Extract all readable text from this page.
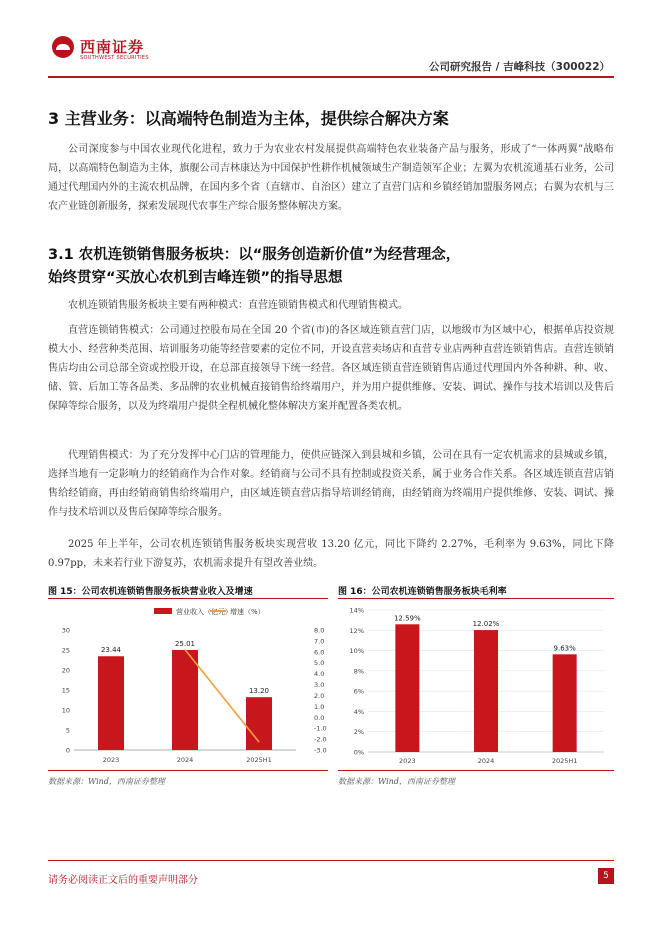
西南证券
SOUTHWEST SECURITIES
公司研究报告 / 吉峰科技（300022）
3 主营业务：以高端特色制造为主体，提供综合解决方案

公司深度参与中国农业现代化进程，致力于为农业农村发展提供高端特色农业装备产品与服务，形成了“一体两翼”战略布局，以高端特色制造为主体，旗舰公司吉林康达为中国保护性耕作机械领域生产制造领军企业；左翼为农机流通基石业务，公司通过代理国内外的主流农机品牌，在国内多个省（直辖市、自治区）建立了直营门店和乡镇经销加盟服务网点；右翼为农机与三农产业链创新服务，探索发展现代农事生产综合服务整体解决方案。

3.1 农机连锁销售服务板块：以“服务创造新价值”为经营理念，
始终贯穿“买放心农机到吉峰连锁”的指导思想

农机连锁销售服务板块主要有两种模式：直营连锁销售模式和代理销售模式。

直营连锁销售模式：公司通过控股布局在全国 20 个省(市)的各区域连锁直营门店，以地级市为区域中心，根据单店投资规模大小、经营种类范围、培训服务功能等经营要素的定位不同，开设直营卖场店和直营专业店两种直营连锁销售店。直营连锁销售店均由公司总部全资或控股开设，在总部直接领导下统一经营。各区域连锁直营连锁销售店通过代理国内外各种耕、种、收、储、管、后加工等各品类、多品牌的农业机械直接销售给终端用户，并为用户提供维修、安装、调试、操作与技术培训以及售后保障等综合服务，以及为终端用户提供全程机械化整体解决方案并配置各类农机。

代理销售模式：为了充分发挥中心门店的管理能力，使供应链深入到县城和乡镇，公司在具有一定农机需求的县城或乡镇，选择当地有一定影响力的经销商作为合作对象。经销商与公司不具有控制或投资关系，属于业务合作关系。各区域连锁直营店销售给经销商，再由经销商销售给终端用户，由区域连锁直营店指导培训经销商，由经销商为终端用户提供维修、安装、调试、操作与技术培训以及售后保障等综合服务。

2025 年上半年，公司农机连锁销售服务板块实现营收 13.20 亿元，同比下降约 2.27%，毛利率为 9.63%，同比下降 0.97pp，未来若行业下游复苏，农机需求提升有望改善业绩。

图 15：公司农机连锁销售服务板块营业收入及增速
营业收入（亿元）
增速（%）
0
5
10
15
20
25
30
-3.0
-2.0
-1.0
0.0
1.0
2.0
3.0
4.0
5.0
6.0
7.0
8.0
23.44
25.01
13.20
2023	2024	2025H1
数据来源：Wind，西南证券整理
图 16：公司农机连锁销售服务板块毛利率
0%
2%
4%
6%
8%
10%
12%
14%
12.59%
12.02%
9.63%
2023	2024	2025H1
数据来源：Wind，西南证券整理
请务必阅读正文后的重要声明部分	5
